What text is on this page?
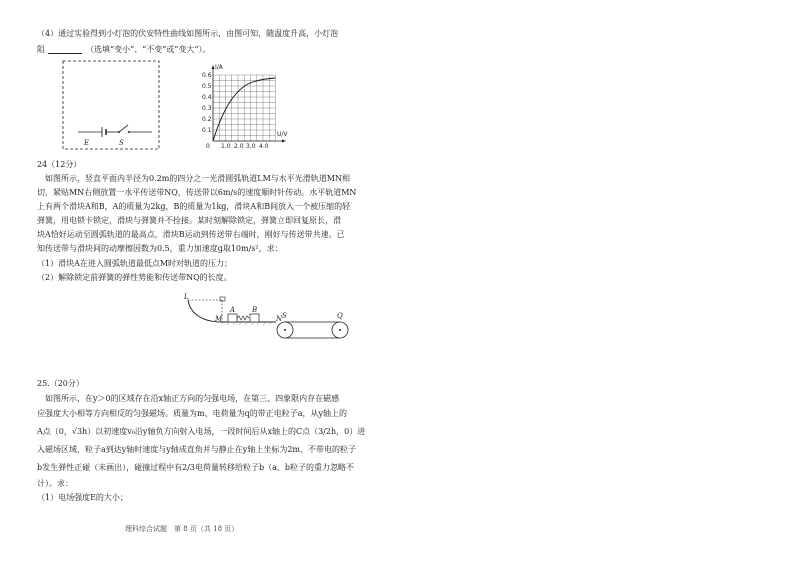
（4）通过实验得到小灯泡的伏安特性曲线如图所示，由图可知，随温度升高，小灯泡
阻	（选填“变小”、“不变”或“变大”）。
E	S
I/A
U/V
0
0.1
0.2
0.3
0.4
0.5
0.6
1.0 2.0 3.0 4.0
24（12分）
如图所示，竖直平面内半径为0.2m的四分之一光滑圆弧轨道LM与水平光滑轨道MN相
切，紧贴MN右侧放置一水平传送带NQ，传送带以6m/s的速度顺时针传动。水平轨道MN
上有两个滑块A和B，A的质量为2kg，B的质量为1kg，滑块A和B间放入一个被压缩的轻
弹簧，用电锁卡锁定，滑块与弹簧并不拴接。某时刻解除锁定，弹簧立即回复原长，滑
块A恰好运动至圆弧轨道的最高点，滑块B运动到传送带右端时，刚好与传送带共速。已
知传送带与滑块间的动摩擦因数为0.5，重力加速度g取10m/s²，求：
（1）滑块A在进入圆弧轨道最低点M时对轨道的压力；
（2）解除锁定前弹簧的弹性势能和传送带NQ的长度。
L
M
A B
N S	Q
25.（20分）
如图所示，在y＞0的区域存在沿x轴正方向的匀强电场，在第三、四象限内存在磁感
应强度大小相等方向相反的匀强磁场。质量为m、电荷量为q的带正电粒子a，从y轴上的
A点（0，√3h）以初速度v₀沿y轴负方向射入电场，一段时间后从x轴上的C点（3/2h，0）进
入磁场区域，粒子a到达y轴时速度与y轴成直角并与静止在y轴上坐标为2m、不带电的粒子
b发生弹性正碰（未画出），碰撞过程中有2/3电荷量转移给粒子b（a、b粒子的重力忽略不
计）。求：
（1）电场强度E的大小；
理科综合试题　第 8 页（共 18 页）
